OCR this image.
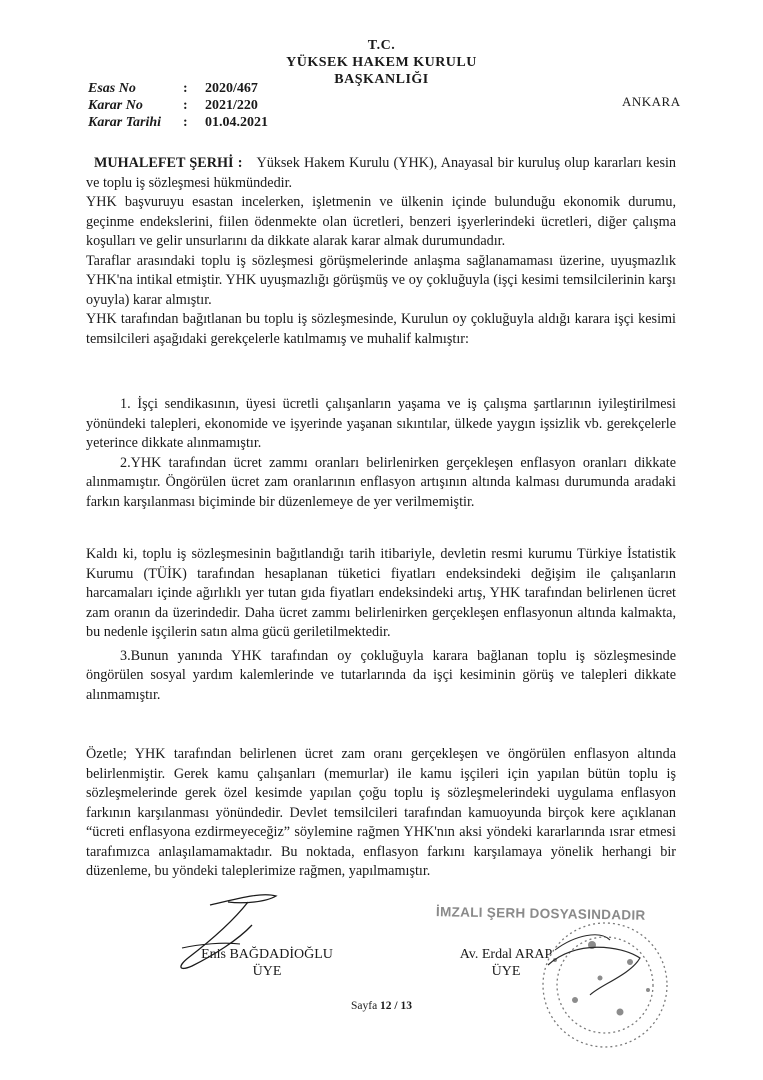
T.C.
YÜKSEK HAKEM KURULU
BAŞKANLIĞI
Esas No	:	2020/467
Karar No	:	2021/220
Karar Tarihi	:	01.04.2021
ANKARA

MUHALEFET ŞERHİ : Yüksek Hakem Kurulu (YHK), Anayasal bir kuruluş olup kararları kesin ve toplu iş sözleşmesi hükmündedir.

YHK başvuruyu esastan incelerken, işletmenin ve ülkenin içinde bulunduğu ekonomik durumu, geçinme endekslerini, fiilen ödenmekte olan ücretleri, benzeri işyerlerindeki ücretleri, diğer çalışma koşulları ve gelir unsurlarını da dikkate alarak karar almak durumundadır.

Taraflar arasındaki toplu iş sözleşmesi görüşmelerinde anlaşma sağlanamaması üzerine, uyuşmazlık YHK'na intikal etmiştir. YHK uyuşmazlığı görüşmüş ve oy çokluğuyla (işçi kesimi temsilcilerinin karşı oyuyla) karar almıştır.

YHK tarafından bağıtlanan bu toplu iş sözleşmesinde, Kurulun oy çokluğuyla aldığı karara işçi kesimi temsilcileri aşağıdaki gerekçelerle katılmamış ve muhalif kalmıştır:

1. İşçi sendikasının, üyesi ücretli çalışanların yaşama ve iş çalışma şartlarının iyileştirilmesi yönündeki talepleri, ekonomide ve işyerinde yaşanan sıkıntılar, ülkede yaygın işsizlik vb. gerekçelerle yeterince dikkate alınmamıştır.

2.YHK tarafından ücret zammı oranları belirlenirken gerçekleşen enflasyon oranları dikkate alınmamıştır. Öngörülen ücret zam oranlarının enflasyon artışının altında kalması durumunda aradaki farkın karşılanması biçiminde bir düzenlemeye de yer verilmemiştir.

Kaldı ki, toplu iş sözleşmesinin bağıtlandığı tarih itibariyle, devletin resmi kurumu Türkiye İstatistik Kurumu (TÜİK) tarafından hesaplanan tüketici fiyatları endeksindeki değişim ile çalışanların harcamaları içinde ağırlıklı yer tutan gıda fiyatları endeksindeki artış, YHK tarafından belirlenen ücret zam oranın da üzerindedir. Daha ücret zammı belirlenirken gerçekleşen enflasyonun altında kalmakta, bu nedenle işçilerin satın alma gücü geriletilmektedir.

3.Bunun yanında YHK tarafından oy çokluğuyla karara bağlanan toplu iş sözleşmesinde öngörülen sosyal yardım kalemlerinde ve tutarlarında da işçi kesiminin görüş ve talepleri dikkate alınmamıştır.

Özetle; YHK tarafından belirlenen ücret zam oranı gerçekleşen ve öngörülen enflasyon altında belirlenmiştir. Gerek kamu çalışanları (memurlar) ile kamu işçileri için yapılan bütün toplu iş sözleşmelerinde gerek özel kesimde yapılan çoğu toplu iş sözleşmelerindeki uygulama enflasyon farkının karşılanması yönündedir. Devlet temsilcileri tarafından kamuoyunda birçok kere açıklanan “ücreti enflasyona ezdirmeyeceğiz” söylemine rağmen YHK'nın aksi yöndeki kararlarında ısrar etmesi tarafımızca anlaşılamamaktadır. Bu noktada, enflasyon farkını karşılamaya yönelik herhangi bir düzenleme, bu yöndeki taleplerimize rağmen, yapılmamıştır.

İMZALI ŞERH DOSYASINDADIR
Enis BAĞDADİOĞLU
ÜYE
Av. Erdal ARAP
ÜYE
Sayfa 12 / 13
